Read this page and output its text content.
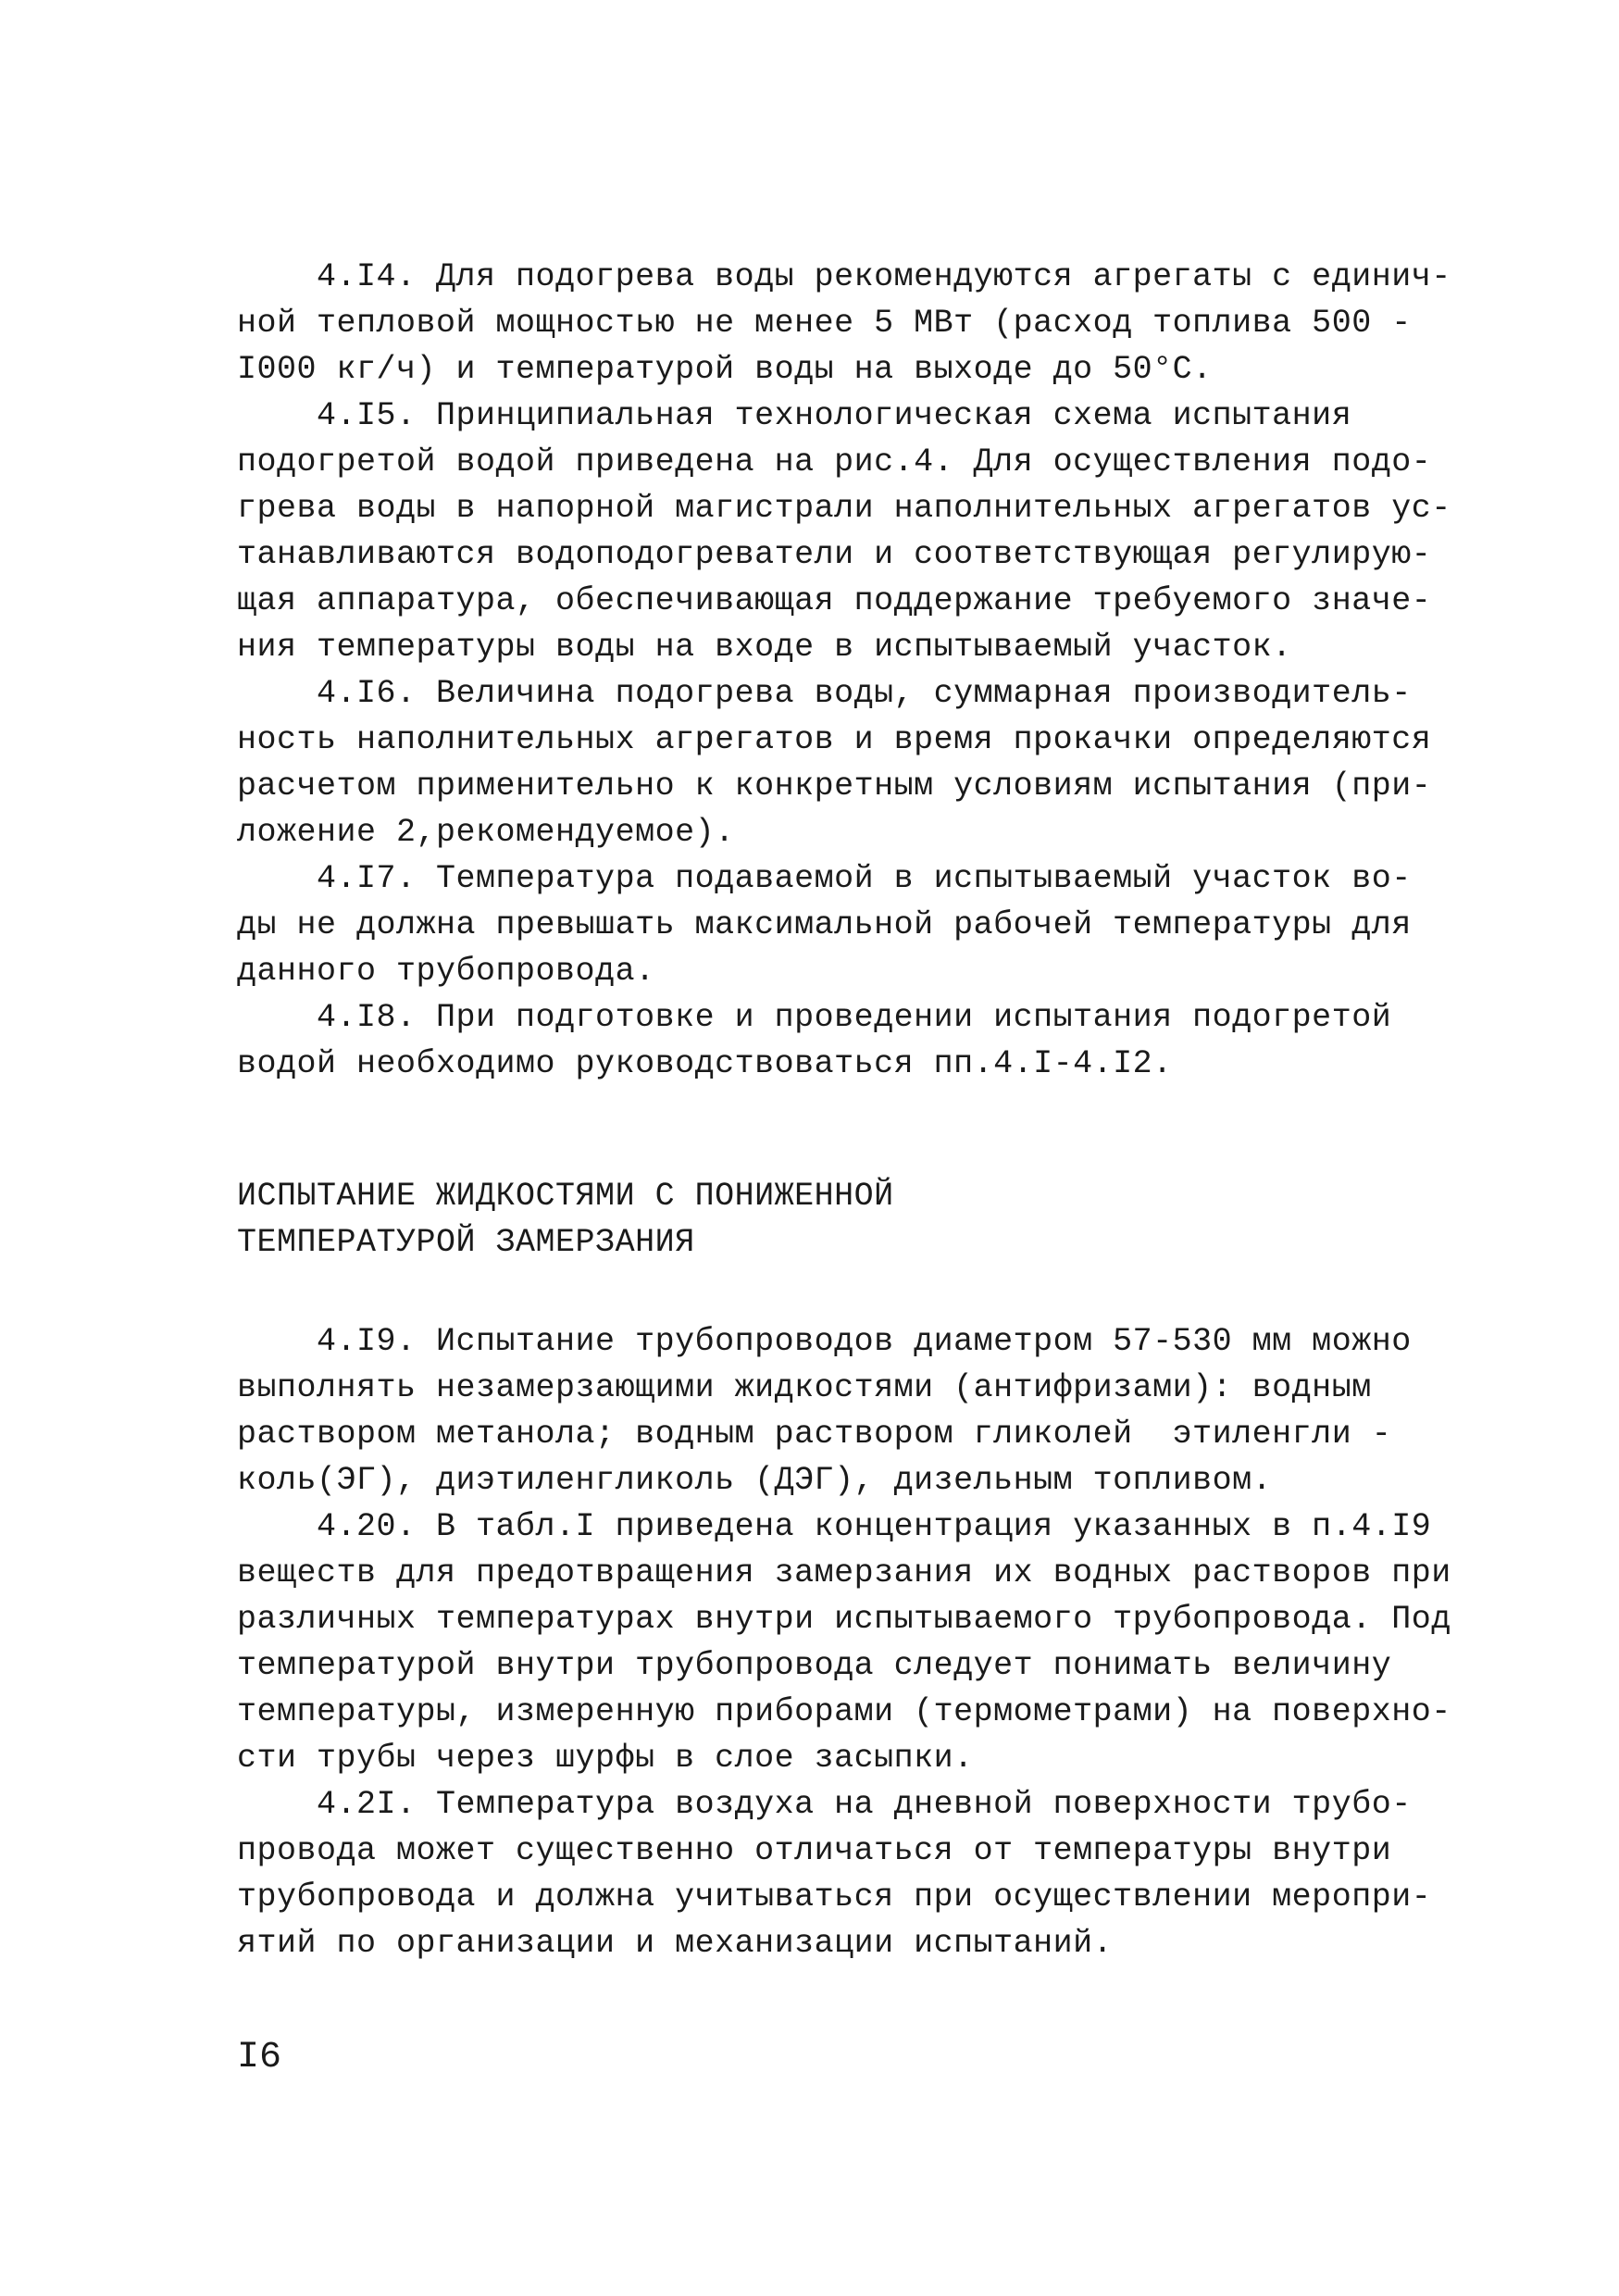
4.I4. Для подогрева воды рекомендуются агрегаты с единич-
ной тепловой мощностью не менее 5 МВт (расход топлива 500 -
I000 кг/ч) и температурой воды на выходе до 50°С.
4.I5. Принципиальная технологическая схема испытания
подогретой водой приведена на рис.4. Для осуществления подо-
грева воды в напорной магистрали наполнительных агрегатов ус-
танавливаются водоподогреватели и соответствующая регулирую-
щая аппаратура, обеспечивающая поддержание требуемого значе-
ния температуры воды на входе в испытываемый участок.
4.I6. Величина подогрева воды, суммарная производитель-
ность наполнительных агрегатов и время прокачки определяются
расчетом применительно к конкретным условиям испытания (при-
ложение 2,рекомендуемое).
4.I7. Температура подаваемой в испытываемый участок во-
ды не должна превышать максимальной рабочей температуры для
данного трубопровода.
4.I8. При подготовке и проведении испытания подогретой
водой необходимо руководствоваться пп.4.I-4.I2.
ИСПЫТАНИЕ ЖИДКОСТЯМИ С ПОНИЖЕННОЙ
ТЕМПЕРАТУРОЙ ЗАМЕРЗАНИЯ
4.I9. Испытание трубопроводов диаметром 57-530 мм можно
выполнять незамерзающими жидкостями (антифризами): водным
раствором метанола; водным раствором гликолей  этиленгли -
коль(ЭГ), диэтиленгликоль (ДЭГ), дизельным топливом.
4.20. В табл.I приведена концентрация указанных в п.4.I9
веществ для предотвращения замерзания их водных растворов при
различных температурах внутри испытываемого трубопровода. Под
температурой внутри трубопровода следует понимать величину
температуры, измеренную приборами (термометрами) на поверхно-
сти трубы через шурфы в слое засыпки.
4.2I. Температура воздуха на дневной поверхности трубо-
провода может существенно отличаться от температуры внутри
трубопровода и должна учитываться при осуществлении меропри-
ятий по организации и механизации испытаний.
I6
